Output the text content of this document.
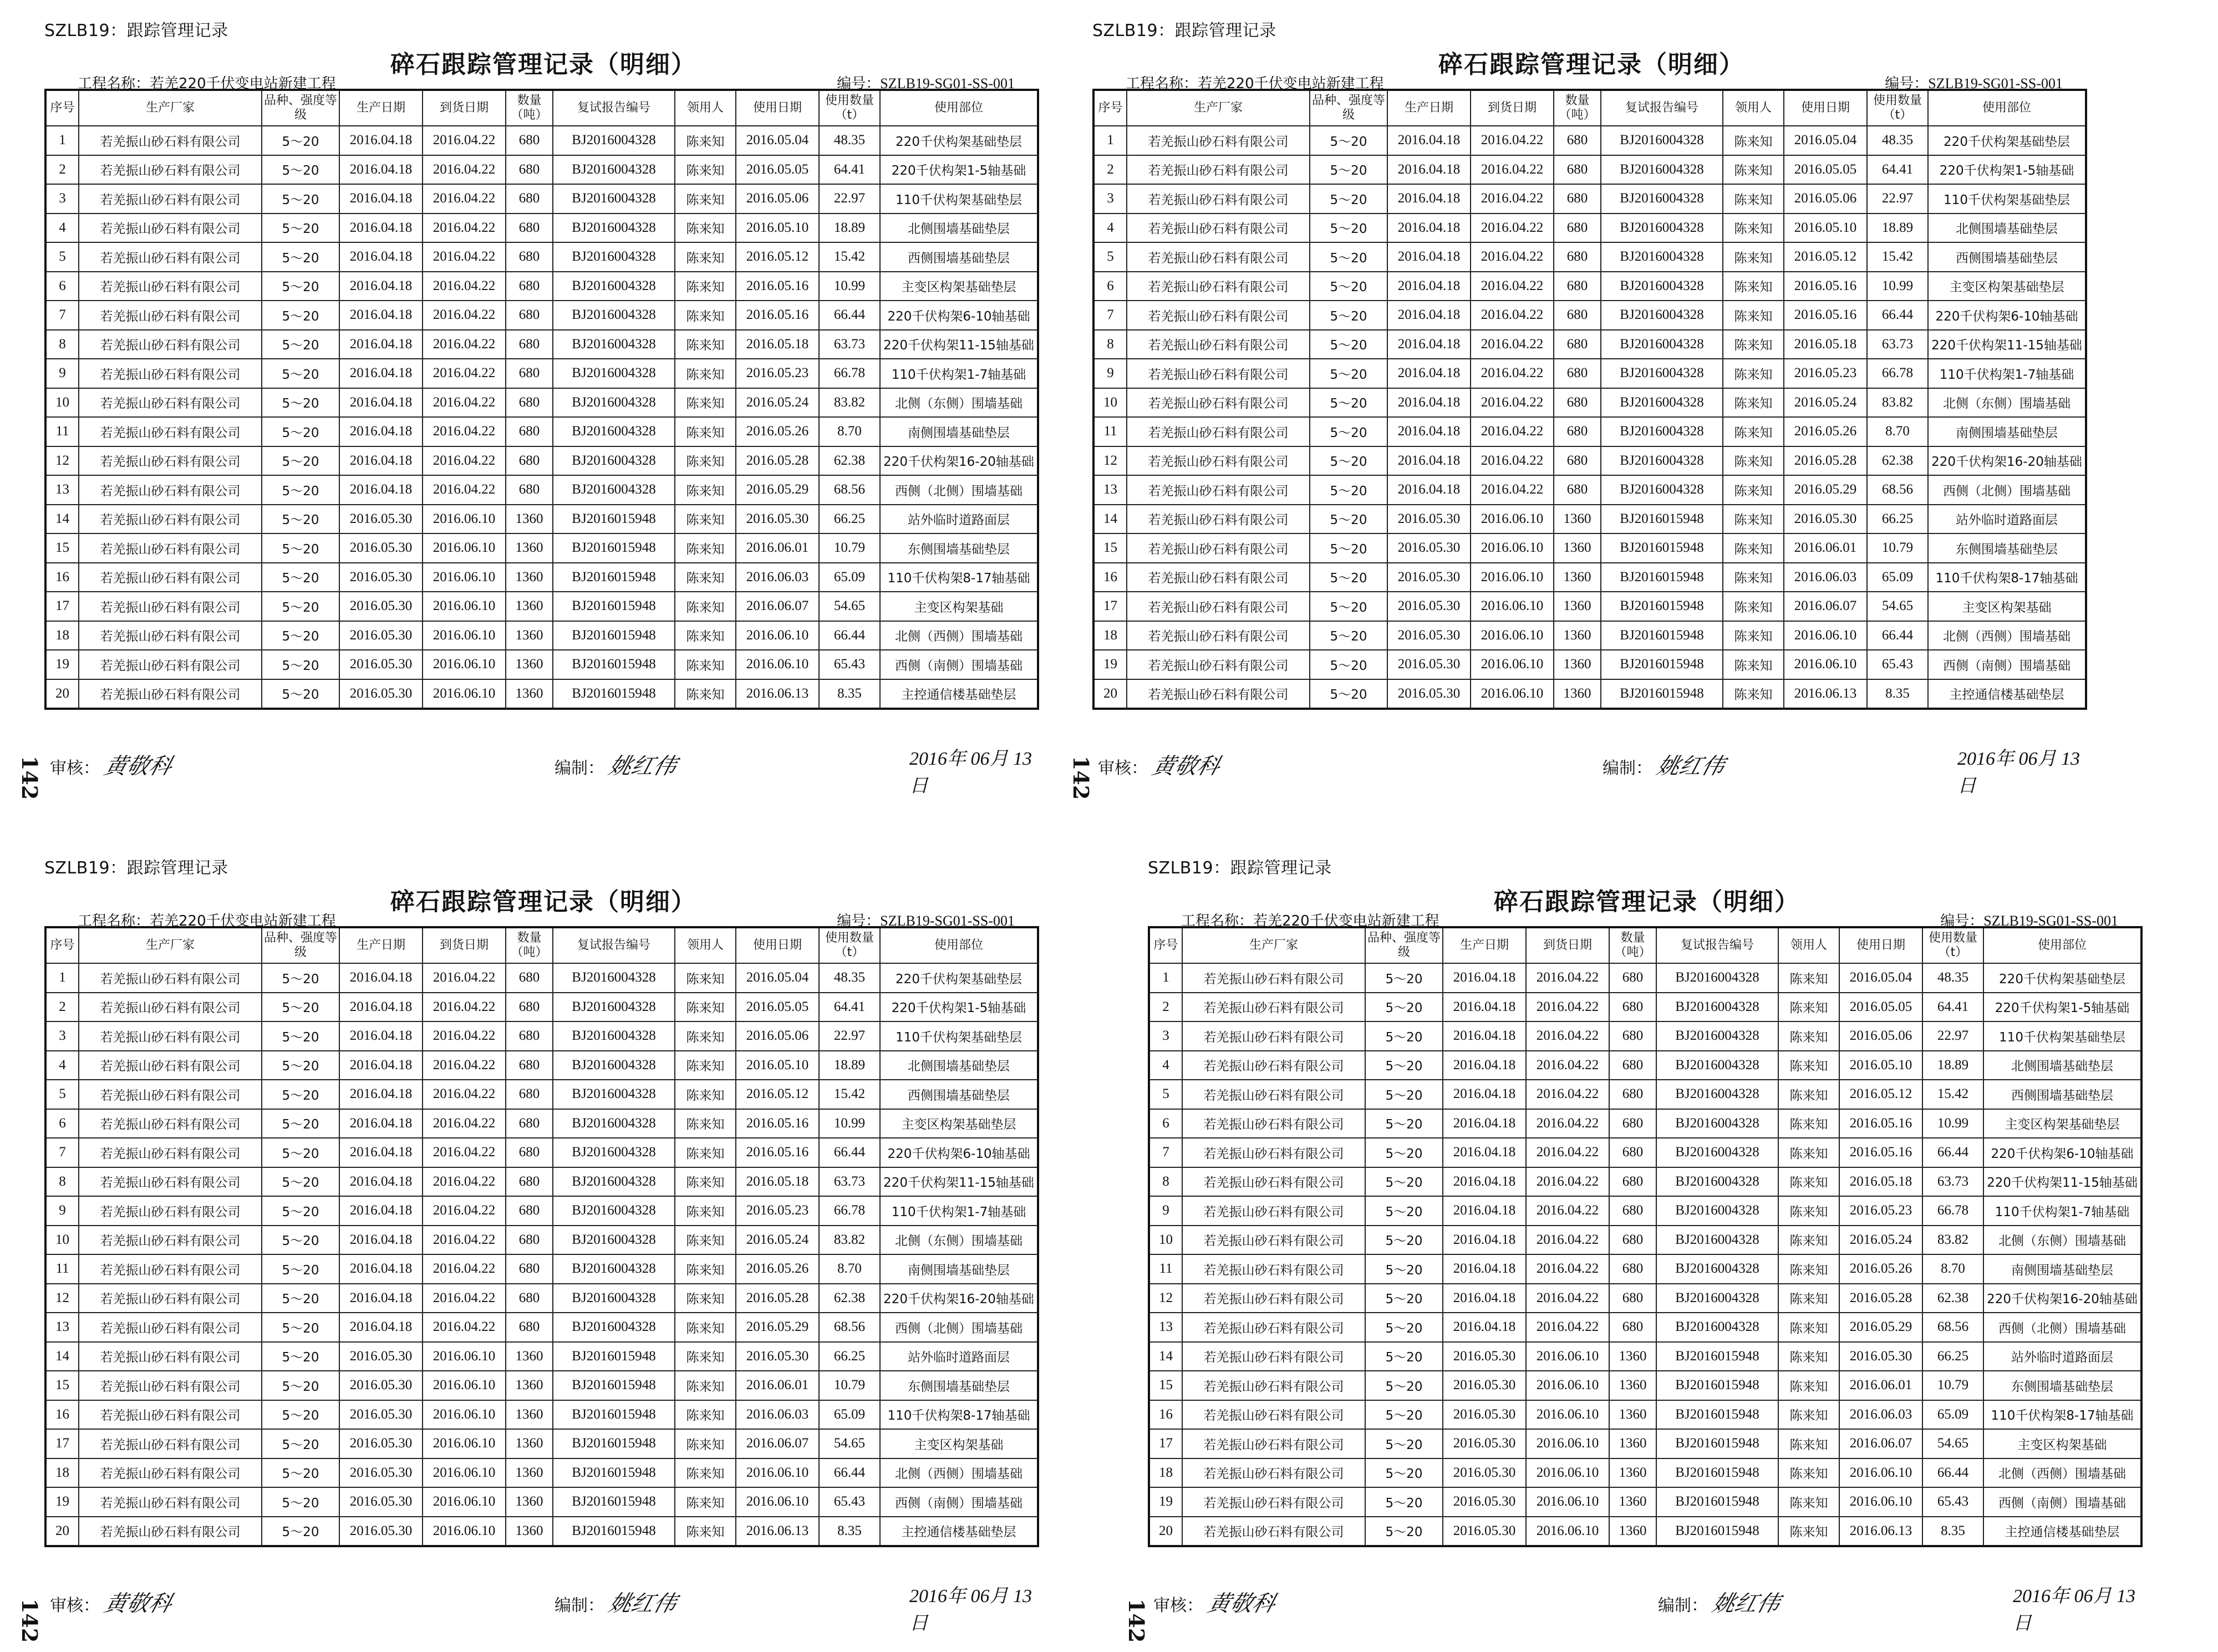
SZLB19：跟踪管理记录
碎石跟踪管理记录（明细）
工程名称：若羌220千伏变电站新建工程	编号：SZLB19-SG01-SS-001
序号	生产厂家	品种、强度等级	生产日期	到货日期	数量（吨）	复试报告编号	领用人	使用日期	使用数量（t）	使用部位
1	若羌振山砂石料有限公司	5～20	2016.04.18	2016.04.22	680	BJ2016004328	陈来知	2016.05.04	48.35	220千伏构架基础垫层
2	若羌振山砂石料有限公司	5～20	2016.04.18	2016.04.22	680	BJ2016004328	陈来知	2016.05.05	64.41	220千伏构架1-5轴基础
3	若羌振山砂石料有限公司	5～20	2016.04.18	2016.04.22	680	BJ2016004328	陈来知	2016.05.06	22.97	110千伏构架基础垫层
4	若羌振山砂石料有限公司	5～20	2016.04.18	2016.04.22	680	BJ2016004328	陈来知	2016.05.10	18.89	北侧围墙基础垫层
5	若羌振山砂石料有限公司	5～20	2016.04.18	2016.04.22	680	BJ2016004328	陈来知	2016.05.12	15.42	西侧围墙基础垫层
6	若羌振山砂石料有限公司	5～20	2016.04.18	2016.04.22	680	BJ2016004328	陈来知	2016.05.16	10.99	主变区构架基础垫层
7	若羌振山砂石料有限公司	5～20	2016.04.18	2016.04.22	680	BJ2016004328	陈来知	2016.05.16	66.44	220千伏构架6-10轴基础
8	若羌振山砂石料有限公司	5～20	2016.04.18	2016.04.22	680	BJ2016004328	陈来知	2016.05.18	63.73	220千伏构架11-15轴基础
9	若羌振山砂石料有限公司	5～20	2016.04.18	2016.04.22	680	BJ2016004328	陈来知	2016.05.23	66.78	110千伏构架1-7轴基础
10	若羌振山砂石料有限公司	5～20	2016.04.18	2016.04.22	680	BJ2016004328	陈来知	2016.05.24	83.82	北侧（东侧）围墙基础
11	若羌振山砂石料有限公司	5～20	2016.04.18	2016.04.22	680	BJ2016004328	陈来知	2016.05.26	8.70	南侧围墙基础垫层
12	若羌振山砂石料有限公司	5～20	2016.04.18	2016.04.22	680	BJ2016004328	陈来知	2016.05.28	62.38	220千伏构架16-20轴基础
13	若羌振山砂石料有限公司	5～20	2016.04.18	2016.04.22	680	BJ2016004328	陈来知	2016.05.29	68.56	西侧（北侧）围墙基础
14	若羌振山砂石料有限公司	5～20	2016.05.30	2016.06.10	1360	BJ2016015948	陈来知	2016.05.30	66.25	站外临时道路面层
15	若羌振山砂石料有限公司	5～20	2016.05.30	2016.06.10	1360	BJ2016015948	陈来知	2016.06.01	10.79	东侧围墙基础垫层
16	若羌振山砂石料有限公司	5～20	2016.05.30	2016.06.10	1360	BJ2016015948	陈来知	2016.06.03	65.09	110千伏构架8-17轴基础
17	若羌振山砂石料有限公司	5～20	2016.05.30	2016.06.10	1360	BJ2016015948	陈来知	2016.06.07	54.65	主变区构架基础
18	若羌振山砂石料有限公司	5～20	2016.05.30	2016.06.10	1360	BJ2016015948	陈来知	2016.06.10	66.44	北侧（西侧）围墙基础
19	若羌振山砂石料有限公司	5～20	2016.05.30	2016.06.10	1360	BJ2016015948	陈来知	2016.06.10	65.43	西侧（南侧）围墙基础
20	若羌振山砂石料有限公司	5～20	2016.05.30	2016.06.10	1360	BJ2016015948	陈来知	2016.06.13	8.35	主控通信楼基础垫层
审核：黄敬科	编制：姚红伟	2016年 06月 13日
SZLB19：跟踪管理记录
碎石跟踪管理记录（明细）
工程名称：若羌220千伏变电站新建工程	编号：SZLB19-SG01-SS-001
序号	生产厂家	品种、强度等级	生产日期	到货日期	数量（吨）	复试报告编号	领用人	使用日期	使用数量（t）	使用部位
1	若羌振山砂石料有限公司	5～20	2016.04.18	2016.04.22	680	BJ2016004328	陈来知	2016.05.04	48.35	220千伏构架基础垫层
2	若羌振山砂石料有限公司	5～20	2016.04.18	2016.04.22	680	BJ2016004328	陈来知	2016.05.05	64.41	220千伏构架1-5轴基础
3	若羌振山砂石料有限公司	5～20	2016.04.18	2016.04.22	680	BJ2016004328	陈来知	2016.05.06	22.97	110千伏构架基础垫层
4	若羌振山砂石料有限公司	5～20	2016.04.18	2016.04.22	680	BJ2016004328	陈来知	2016.05.10	18.89	北侧围墙基础垫层
5	若羌振山砂石料有限公司	5～20	2016.04.18	2016.04.22	680	BJ2016004328	陈来知	2016.05.12	15.42	西侧围墙基础垫层
6	若羌振山砂石料有限公司	5～20	2016.04.18	2016.04.22	680	BJ2016004328	陈来知	2016.05.16	10.99	主变区构架基础垫层
7	若羌振山砂石料有限公司	5～20	2016.04.18	2016.04.22	680	BJ2016004328	陈来知	2016.05.16	66.44	220千伏构架6-10轴基础
8	若羌振山砂石料有限公司	5～20	2016.04.18	2016.04.22	680	BJ2016004328	陈来知	2016.05.18	63.73	220千伏构架11-15轴基础
9	若羌振山砂石料有限公司	5～20	2016.04.18	2016.04.22	680	BJ2016004328	陈来知	2016.05.23	66.78	110千伏构架1-7轴基础
10	若羌振山砂石料有限公司	5～20	2016.04.18	2016.04.22	680	BJ2016004328	陈来知	2016.05.24	83.82	北侧（东侧）围墙基础
11	若羌振山砂石料有限公司	5～20	2016.04.18	2016.04.22	680	BJ2016004328	陈来知	2016.05.26	8.70	南侧围墙基础垫层
12	若羌振山砂石料有限公司	5～20	2016.04.18	2016.04.22	680	BJ2016004328	陈来知	2016.05.28	62.38	220千伏构架16-20轴基础
13	若羌振山砂石料有限公司	5～20	2016.04.18	2016.04.22	680	BJ2016004328	陈来知	2016.05.29	68.56	西侧（北侧）围墙基础
14	若羌振山砂石料有限公司	5～20	2016.05.30	2016.06.10	1360	BJ2016015948	陈来知	2016.05.30	66.25	站外临时道路面层
15	若羌振山砂石料有限公司	5～20	2016.05.30	2016.06.10	1360	BJ2016015948	陈来知	2016.06.01	10.79	东侧围墙基础垫层
16	若羌振山砂石料有限公司	5～20	2016.05.30	2016.06.10	1360	BJ2016015948	陈来知	2016.06.03	65.09	110千伏构架8-17轴基础
17	若羌振山砂石料有限公司	5～20	2016.05.30	2016.06.10	1360	BJ2016015948	陈来知	2016.06.07	54.65	主变区构架基础
18	若羌振山砂石料有限公司	5～20	2016.05.30	2016.06.10	1360	BJ2016015948	陈来知	2016.06.10	66.44	北侧（西侧）围墙基础
19	若羌振山砂石料有限公司	5～20	2016.05.30	2016.06.10	1360	BJ2016015948	陈来知	2016.06.10	65.43	西侧（南侧）围墙基础
20	若羌振山砂石料有限公司	5～20	2016.05.30	2016.06.10	1360	BJ2016015948	陈来知	2016.06.13	8.35	主控通信楼基础垫层
审核：黄敬科	编制：姚红伟	2016年 06月 13日
SZLB19：跟踪管理记录
碎石跟踪管理记录（明细）
工程名称：若羌220千伏变电站新建工程	编号：SZLB19-SG01-SS-001
序号	生产厂家	品种、强度等级	生产日期	到货日期	数量（吨）	复试报告编号	领用人	使用日期	使用数量（t）	使用部位
1	若羌振山砂石料有限公司	5～20	2016.04.18	2016.04.22	680	BJ2016004328	陈来知	2016.05.04	48.35	220千伏构架基础垫层
2	若羌振山砂石料有限公司	5～20	2016.04.18	2016.04.22	680	BJ2016004328	陈来知	2016.05.05	64.41	220千伏构架1-5轴基础
3	若羌振山砂石料有限公司	5～20	2016.04.18	2016.04.22	680	BJ2016004328	陈来知	2016.05.06	22.97	110千伏构架基础垫层
4	若羌振山砂石料有限公司	5～20	2016.04.18	2016.04.22	680	BJ2016004328	陈来知	2016.05.10	18.89	北侧围墙基础垫层
5	若羌振山砂石料有限公司	5～20	2016.04.18	2016.04.22	680	BJ2016004328	陈来知	2016.05.12	15.42	西侧围墙基础垫层
6	若羌振山砂石料有限公司	5～20	2016.04.18	2016.04.22	680	BJ2016004328	陈来知	2016.05.16	10.99	主变区构架基础垫层
7	若羌振山砂石料有限公司	5～20	2016.04.18	2016.04.22	680	BJ2016004328	陈来知	2016.05.16	66.44	220千伏构架6-10轴基础
8	若羌振山砂石料有限公司	5～20	2016.04.18	2016.04.22	680	BJ2016004328	陈来知	2016.05.18	63.73	220千伏构架11-15轴基础
9	若羌振山砂石料有限公司	5～20	2016.04.18	2016.04.22	680	BJ2016004328	陈来知	2016.05.23	66.78	110千伏构架1-7轴基础
10	若羌振山砂石料有限公司	5～20	2016.04.18	2016.04.22	680	BJ2016004328	陈来知	2016.05.24	83.82	北侧（东侧）围墙基础
11	若羌振山砂石料有限公司	5～20	2016.04.18	2016.04.22	680	BJ2016004328	陈来知	2016.05.26	8.70	南侧围墙基础垫层
12	若羌振山砂石料有限公司	5～20	2016.04.18	2016.04.22	680	BJ2016004328	陈来知	2016.05.28	62.38	220千伏构架16-20轴基础
13	若羌振山砂石料有限公司	5～20	2016.04.18	2016.04.22	680	BJ2016004328	陈来知	2016.05.29	68.56	西侧（北侧）围墙基础
14	若羌振山砂石料有限公司	5～20	2016.05.30	2016.06.10	1360	BJ2016015948	陈来知	2016.05.30	66.25	站外临时道路面层
15	若羌振山砂石料有限公司	5～20	2016.05.30	2016.06.10	1360	BJ2016015948	陈来知	2016.06.01	10.79	东侧围墙基础垫层
16	若羌振山砂石料有限公司	5～20	2016.05.30	2016.06.10	1360	BJ2016015948	陈来知	2016.06.03	65.09	110千伏构架8-17轴基础
17	若羌振山砂石料有限公司	5～20	2016.05.30	2016.06.10	1360	BJ2016015948	陈来知	2016.06.07	54.65	主变区构架基础
18	若羌振山砂石料有限公司	5～20	2016.05.30	2016.06.10	1360	BJ2016015948	陈来知	2016.06.10	66.44	北侧（西侧）围墙基础
19	若羌振山砂石料有限公司	5～20	2016.05.30	2016.06.10	1360	BJ2016015948	陈来知	2016.06.10	65.43	西侧（南侧）围墙基础
20	若羌振山砂石料有限公司	5～20	2016.05.30	2016.06.10	1360	BJ2016015948	陈来知	2016.06.13	8.35	主控通信楼基础垫层
审核：黄敬科	编制：姚红伟	2016年 06月 13日
SZLB19：跟踪管理记录
碎石跟踪管理记录（明细）
工程名称：若羌220千伏变电站新建工程	编号：SZLB19-SG01-SS-001
序号	生产厂家	品种、强度等级	生产日期	到货日期	数量（吨）	复试报告编号	领用人	使用日期	使用数量（t）	使用部位
1	若羌振山砂石料有限公司	5～20	2016.04.18	2016.04.22	680	BJ2016004328	陈来知	2016.05.04	48.35	220千伏构架基础垫层
2	若羌振山砂石料有限公司	5～20	2016.04.18	2016.04.22	680	BJ2016004328	陈来知	2016.05.05	64.41	220千伏构架1-5轴基础
3	若羌振山砂石料有限公司	5～20	2016.04.18	2016.04.22	680	BJ2016004328	陈来知	2016.05.06	22.97	110千伏构架基础垫层
4	若羌振山砂石料有限公司	5～20	2016.04.18	2016.04.22	680	BJ2016004328	陈来知	2016.05.10	18.89	北侧围墙基础垫层
5	若羌振山砂石料有限公司	5～20	2016.04.18	2016.04.22	680	BJ2016004328	陈来知	2016.05.12	15.42	西侧围墙基础垫层
6	若羌振山砂石料有限公司	5～20	2016.04.18	2016.04.22	680	BJ2016004328	陈来知	2016.05.16	10.99	主变区构架基础垫层
7	若羌振山砂石料有限公司	5～20	2016.04.18	2016.04.22	680	BJ2016004328	陈来知	2016.05.16	66.44	220千伏构架6-10轴基础
8	若羌振山砂石料有限公司	5～20	2016.04.18	2016.04.22	680	BJ2016004328	陈来知	2016.05.18	63.73	220千伏构架11-15轴基础
9	若羌振山砂石料有限公司	5～20	2016.04.18	2016.04.22	680	BJ2016004328	陈来知	2016.05.23	66.78	110千伏构架1-7轴基础
10	若羌振山砂石料有限公司	5～20	2016.04.18	2016.04.22	680	BJ2016004328	陈来知	2016.05.24	83.82	北侧（东侧）围墙基础
11	若羌振山砂石料有限公司	5～20	2016.04.18	2016.04.22	680	BJ2016004328	陈来知	2016.05.26	8.70	南侧围墙基础垫层
12	若羌振山砂石料有限公司	5～20	2016.04.18	2016.04.22	680	BJ2016004328	陈来知	2016.05.28	62.38	220千伏构架16-20轴基础
13	若羌振山砂石料有限公司	5～20	2016.04.18	2016.04.22	680	BJ2016004328	陈来知	2016.05.29	68.56	西侧（北侧）围墙基础
14	若羌振山砂石料有限公司	5～20	2016.05.30	2016.06.10	1360	BJ2016015948	陈来知	2016.05.30	66.25	站外临时道路面层
15	若羌振山砂石料有限公司	5～20	2016.05.30	2016.06.10	1360	BJ2016015948	陈来知	2016.06.01	10.79	东侧围墙基础垫层
16	若羌振山砂石料有限公司	5～20	2016.05.30	2016.06.10	1360	BJ2016015948	陈来知	2016.06.03	65.09	110千伏构架8-17轴基础
17	若羌振山砂石料有限公司	5～20	2016.05.30	2016.06.10	1360	BJ2016015948	陈来知	2016.06.07	54.65	主变区构架基础
18	若羌振山砂石料有限公司	5～20	2016.05.30	2016.06.10	1360	BJ2016015948	陈来知	2016.06.10	66.44	北侧（西侧）围墙基础
19	若羌振山砂石料有限公司	5～20	2016.05.30	2016.06.10	1360	BJ2016015948	陈来知	2016.06.10	65.43	西侧（南侧）围墙基础
20	若羌振山砂石料有限公司	5～20	2016.05.30	2016.06.10	1360	BJ2016015948	陈来知	2016.06.13	8.35	主控通信楼基础垫层
审核：黄敬科	编制：姚红伟	2016年 06月 13日
142	142
142	142
